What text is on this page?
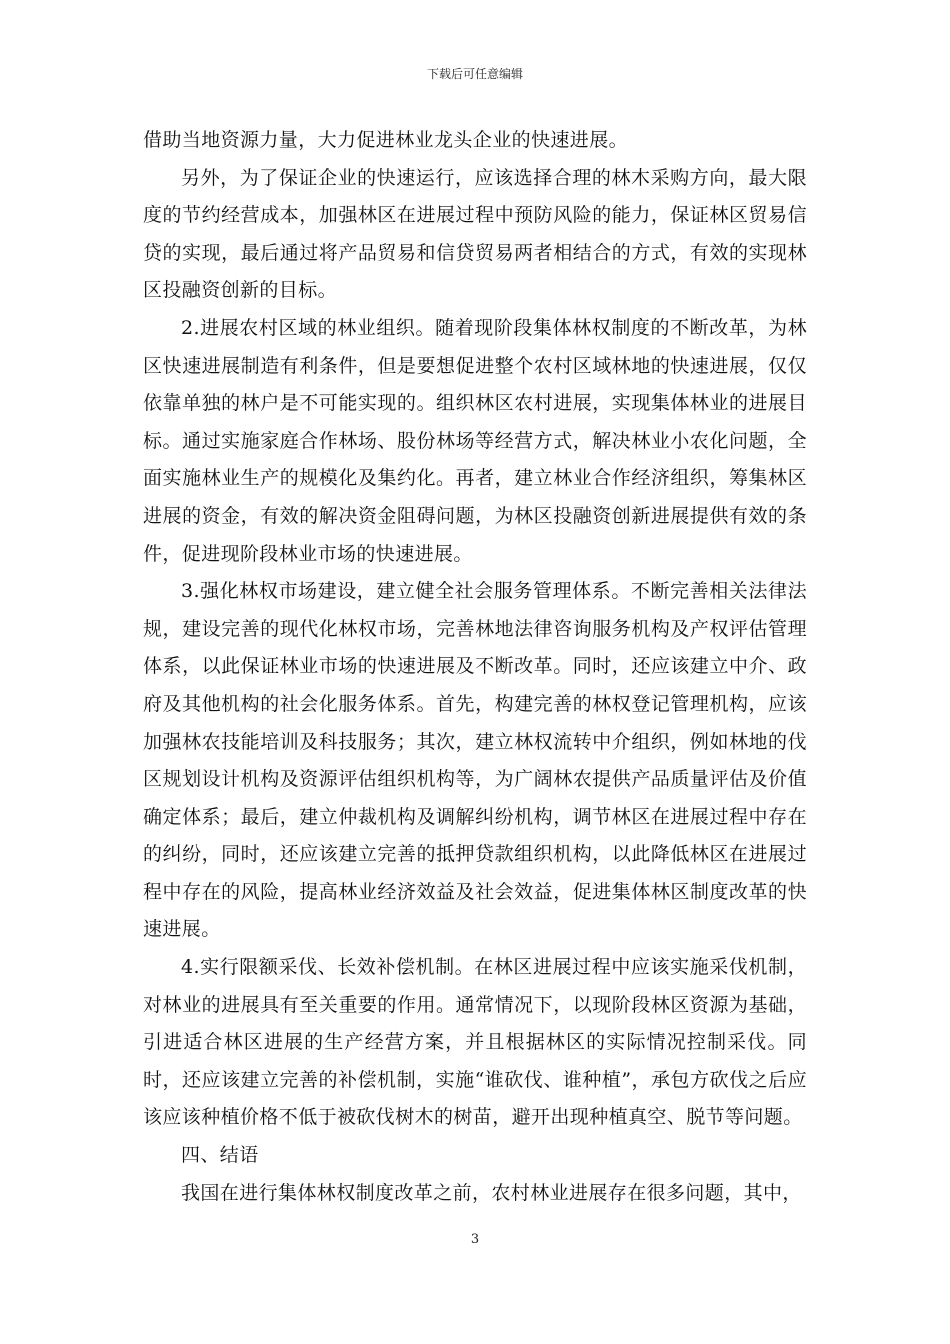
下载后可任意编辑

借助当地资源力量，大力促进林业龙头企业的快速进展。

另外，为了保证企业的快速运行，应该选择合理的林木采购方向，最大限度的节约经营成本，加强林区在进展过程中预防风险的能力，保证林区贸易信贷的实现，最后通过将产品贸易和信贷贸易两者相结合的方式，有效的实现林区投融资创新的目标。

2.进展农村区域的林业组织。随着现阶段集体林权制度的不断改革，为林区快速进展制造有利条件，但是要想促进整个农村区域林地的快速进展，仅仅依靠单独的林户是不可能实现的。组织林区农村进展，实现集体林业的进展目标。通过实施家庭合作林场、股份林场等经营方式，解决林业小农化问题，全面实施林业生产的规模化及集约化。再者，建立林业合作经济组织，筹集林区进展的资金，有效的解决资金阻碍问题，为林区投融资创新进展提供有效的条件，促进现阶段林业市场的快速进展。

3.强化林权市场建设，建立健全社会服务管理体系。不断完善相关法律法规，建设完善的现代化林权市场，完善林地法律咨询服务机构及产权评估管理体系，以此保证林业市场的快速进展及不断改革。同时，还应该建立中介、政府及其他机构的社会化服务体系。首先，构建完善的林权登记管理机构，应该加强林农技能培训及科技服务；其次，建立林权流转中介组织，例如林地的伐区规划设计机构及资源评估组织机构等，为广阔林农提供产品质量评估及价值确定体系；最后，建立仲裁机构及调解纠纷机构，调节林区在进展过程中存在的纠纷，同时，还应该建立完善的抵押贷款组织机构，以此降低林区在进展过程中存在的风险，提高林业经济效益及社会效益，促进集体林区制度改革的快速进展。

4.实行限额采伐、长效补偿机制。在林区进展过程中应该实施采伐机制，对林业的进展具有至关重要的作用。通常情况下，以现阶段林区资源为基础，引进适合林区进展的生产经营方案，并且根据林区的实际情况控制采伐。同时，还应该建立完善的补偿机制，实施“谁砍伐、谁种植”，承包方砍伐之后应该应该种植价格不低于被砍伐树木的树苗，避开出现种植真空、脱节等问题。

四、结语

我国在进行集体林权制度改革之前，农村林业进展存在很多问题，其中，

3
